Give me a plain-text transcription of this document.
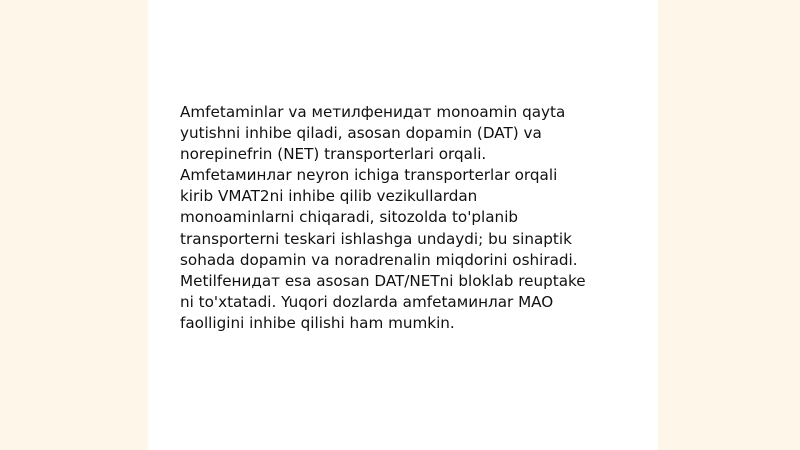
Amfetaminlar va метилфенидат monoamin qayta
yutishni inhibe qiladi, asosan dopamin (DAT) va
norepinefrin (NET) transporterlari orqali.
Amfetaминлar neyron ichiga transporterlar orqali
kirib VMAT2ni inhibe qilib vezikullardan
monoaminlarni chiqaradi, sitozolda to'planib
transporterni teskari ishlashga undaydi; bu sinaptik
sohada dopamin va noradrenalin miqdorini oshiradi.
Metilfeнидат esa asosan DAT/NETni bloklab reuptake
ni to'xtatadi. Yuqori dozlarda amfetaминлar MAO
faolligini inhibe qilishi ham mumkin.
